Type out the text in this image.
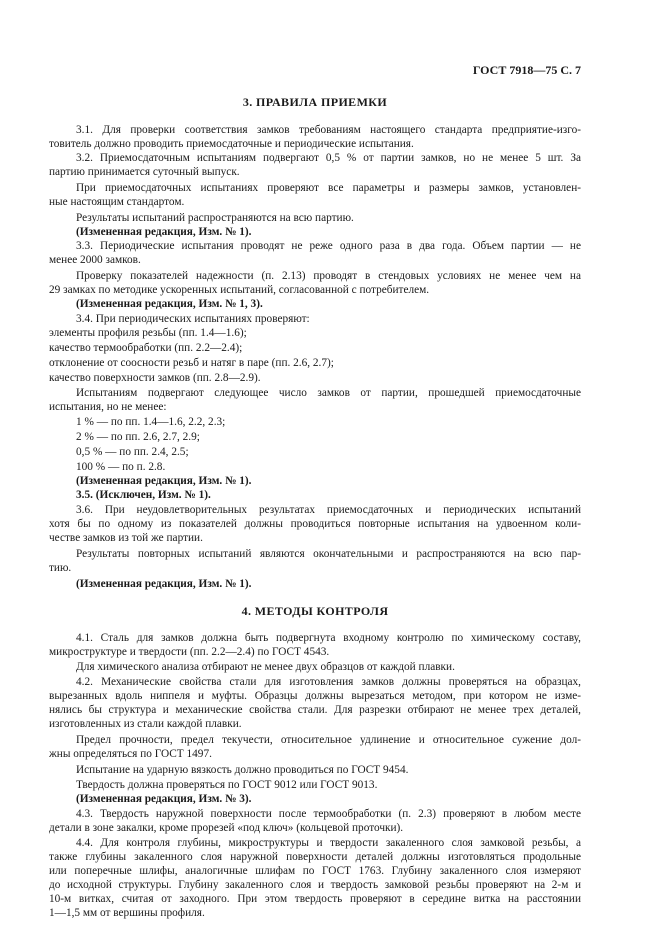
ГОСТ 7918—75 С. 7
3. ПРАВИЛА ПРИЕМКИ
3.1. Для проверки соответствия замков требованиям настоящего стандарта предприятие-изго-
товитель должно проводить приемосдаточные и периодические испытания.
3.2. Приемосдаточным испытаниям подвергают 0,5 % от партии замков, но не менее 5 шт. За
партию принимается суточный выпуск.
При приемосдаточных испытаниях проверяют все параметры и размеры замков, установлен-
ные настоящим стандартом.
Результаты испытаний распространяются на всю партию.
(Измененная редакция, Изм. № 1).
3.3. Периодические испытания проводят не реже одного раза в два года. Объем партии — не
менее 2000 замков.
Проверку показателей надежности (п. 2.13) проводят в стендовых условиях не менее чем на
29 замках по методике ускоренных испытаний, согласованной с потребителем.
(Измененная редакция, Изм. № 1, 3).
3.4. При периодических испытаниях проверяют:
элементы профиля резьбы (пп. 1.4—1.6);
качество термообработки (пп. 2.2—2.4);
отклонение от соосности резьб и натяг в паре (пп. 2.6, 2.7);
качество поверхности замков (пп. 2.8—2.9).
Испытаниям подвергают следующее число замков от партии, прошедшей приемосдаточные
испытания, но не менее:
1 % — по пп. 1.4—1.6, 2.2, 2.3;
2 % — по пп. 2.6, 2.7, 2.9;
0,5 % — по пп. 2.4, 2.5;
100 % — по п. 2.8.
(Измененная редакция, Изм. № 1).
3.5. (Исключен, Изм. № 1).
3.6. При неудовлетворительных результатах приемосдаточных и периодических испытаний
хотя бы по одному из показателей должны проводиться повторные испытания на удвоенном коли-
честве замков из той же партии.
Результаты повторных испытаний являются окончательными и распространяются на всю пар-
тию.
(Измененная редакция, Изм. № 1).
4. МЕТОДЫ КОНТРОЛЯ
4.1. Сталь для замков должна быть подвергнута входному контролю по химическому составу,
микроструктуре и твердости (пп. 2.2—2.4) по ГОСТ 4543.
Для химического анализа отбирают не менее двух образцов от каждой плавки.
4.2. Механические свойства стали для изготовления замков должны проверяться на образцах,
вырезанных вдоль ниппеля и муфты. Образцы должны вырезаться методом, при котором не изме-
нялись бы структура и механические свойства стали. Для разрезки отбирают не менее трех деталей,
изготовленных из стали каждой плавки.
Предел прочности, предел текучести, относительное удлинение и относительное сужение дол-
жны определяться по ГОСТ 1497.
Испытание на ударную вязкость должно проводиться по ГОСТ 9454.
Твердость должна проверяться по ГОСТ 9012 или ГОСТ 9013.
(Измененная редакция, Изм. № 3).
4.3. Твердость наружной поверхности после термообработки (п. 2.3) проверяют в любом месте
детали в зоне закалки, кроме прорезей «под ключ» (кольцевой проточки).
4.4. Для контроля глубины, микроструктуры и твердости закаленного слоя замковой резьбы, а
также глубины закаленного слоя наружной поверхности деталей должны изготовляться продольные
или поперечные шлифы, аналогичные шлифам по ГОСТ 1763. Глубину закаленного слоя измеряют
до исходной структуры. Глубину закаленного слоя и твердость замковой резьбы проверяют на 2-м и
10-м витках, считая от заходного. При этом твердость проверяют в середине витка на расстоянии
1—1,5 мм от вершины профиля.
